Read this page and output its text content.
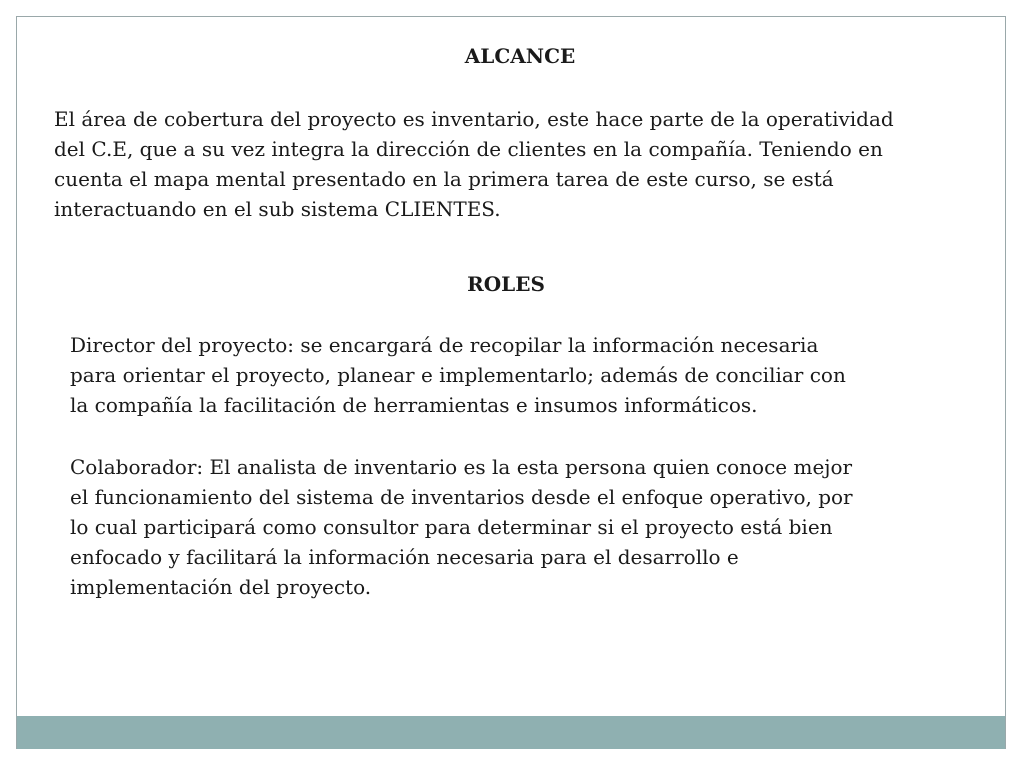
ALCANCE
El área de cobertura del proyecto es inventario, este hace parte de la operatividad
del C.E, que a su vez integra la dirección de clientes en la compañía. Teniendo en
cuenta el mapa mental presentado en la primera tarea de este curso, se está
interactuando en el sub sistema CLIENTES.
ROLES
Director del proyecto: se encargará de recopilar la información necesaria
para orientar el proyecto, planear e implementarlo; además de conciliar con
la compañía la facilitación de herramientas e insumos informáticos.
Colaborador: El analista de inventario es la esta persona quien conoce mejor
el funcionamiento del sistema de inventarios desde el enfoque operativo, por
lo cual participará como consultor para determinar si el proyecto está bien
enfocado y facilitará la información necesaria para el desarrollo e
implementación del proyecto.
